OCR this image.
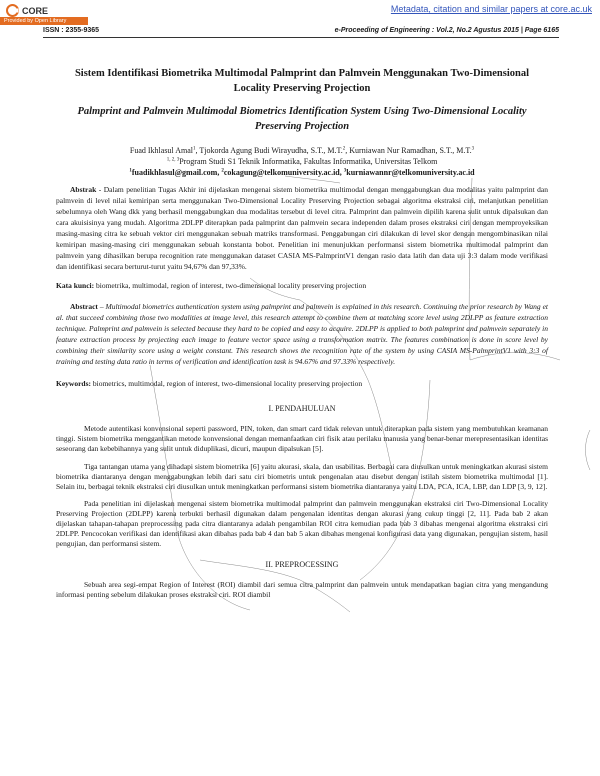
CORE	Metadata, citation and similar papers at core.ac.uk
Provided by Open Library
ISSN : 2355-9365	e-Proceeding of Engineering : Vol.2, No.2 Agustus 2015 | Page 6165

Sistem Identifikasi Biometrika Multimodal Palmprint dan Palmvein Menggunakan Two-Dimensional Locality Preserving Projection

Palmprint and Palmvein Multimodal Biometrics Identification System Using Two-Dimensional Locality Preserving Projection

Fuad Ikhlasul Amal$^1$, Tjokorda Agung Budi Wirayudha, S.T., M.T.$^2$, Kurniawan Nur Ramadhan, S.T., M.T.$^3$
$^{1, 2, 3}$Program Studi S1 Teknik Informatika, Fakultas Informatika, Universitas Telkom
$^1$fuadikhlasul@gmail.com, $^2$cokagung@telkomuniversity.ac.id, $^3$kurniawannr@telkomuniversity.ac.id
Abstrak - Dalam penelitian Tugas Akhir ini dijelaskan mengenai sistem biometrika multimodal dengan menggabungkan dua modalitas yaitu palmprint dan palmvein di level nilai kemiripan serta menggunakan Two-Dimensional Locality Preserving Projection sebagai algoritma ekstraksi ciri, melanjutkan penelitian sebelumnya oleh Wang dkk yang berhasil menggabungkan dua modalitas tersebut di level citra. Palmprint dan palmvein dipilih karena sulit untuk dipalsukan dan cara akuisisinya yang mudah. Algoritma 2DLPP diterapkan pada palmprint dan palmvein secara independen dalam proses ekstraksi ciri dengan memproyeksikan masing-masing citra ke sebuah vektor ciri menggunakan sebuah matriks transformasi. Penggabungan ciri dilakukan di level skor dengan mengombinasikan nilai kemiripan masing-masing ciri menggunakan sebuah konstanta bobot. Penelitian ini menunjukkan performansi sistem biometrika multimodal palmprint dan palmvein yang dihasilkan berupa recognition rate menggunakan dataset CASIA MS-PalmprintV1 dengan rasio data latih dan data uji 3:3 dalam mode verifikasi dan identifikasi secara berturut-turut yaitu 94,67% dan 97,33%.
Kata kunci: biometrika, multimodal, region of interest, two-dimensional locality preserving projection
Abstract – Multimodal biometrics authentication system using palmprint and palmvein is explained in this research. Continuing the prior research by Wang et al. that succeed combining those two modalities at image level, this research attempt to combine them at matching score level using 2DLPP as feature extraction technique. Palmprint and palmvein is selected because they hard to be copied and easy to acquire. 2DLPP is applied to both palmprint and palmvein separately in feature extraction process by projecting each image to feature vector space using a transformation matrix. The features combination is done in score level by combining their similarity score using a weight constant. This research shows the recognition rate of the system by using CASIA MS-PalmprintV1 with 3:3 of training and testing data ratio in terms of verification and identification task is 94.67% and 97.33% respectively.
Keywords: biometrics, multimodal, region of interest, two-dimensional locality preserving projection
I. PENDAHULUAN

Metode autentikasi konvensional seperti password, PIN, token, dan smart card tidak relevan untuk diterapkan pada sistem yang membutuhkan keamanan tinggi. Sistem biometrika menggantikan metode konvensional dengan memanfaatkan ciri fisik atau perilaku manusia yang benar-benar merepresentasikan identitas seseorang dan kebebihannya yang sulit untuk diduplikasi, dicuri, maupun dipalsukan [5].

Tiga tantangan utama yang dihadapi sistem biometrika [6] yaitu akurasi, skala, dan usabilitas. Berbagai cara diusulkan untuk meningkatkan akurasi sistem biometrika diantaranya dengan menggabungkan lebih dari satu ciri biometris untuk pengenalan atau disebut dengan istilah sistem biometrika multimodal [1]. Selain itu, berbagai teknik ekstraksi ciri diusulkan untuk meningkatkan performansi sistem biometrika diantaranya yaitu LDA, PCA, ICA, LBP, dan LDP [3, 9, 12].

Pada penelitian ini dijelaskan mengenai sistem biometrika multimodal palmprint dan palmvein menggunakan ekstraksi ciri Two-Dimensional Locality Preserving Projection (2DLPP) karena terbukti berhasil digunakan dalam pengenalan identitas dengan akurasi yang cukup tinggi [2, 11]. Pada bab 2 akan dijelaskan tahapan-tahapan preprocessing pada citra diantaranya adalah pengambilan ROI citra kemudian pada bab 3 dibahas mengenai algoritma ekstraksi ciri 2DLPP. Pencocokan verifikasi dan identifikasi akan dibahas pada bab 4 dan bab 5 akan dibahas mengenai konfigurasi data yang digunakan, pengujian sistem, hasil pengujian, dan performansi sistem.

II. PREPROCESSING

Sebuah area segi-empat Region of Interest (ROI) diambil dari semua citra palmprint dan palmvein untuk mendapatkan bagian citra yang mengandung informasi penting sebelum dilakukan proses ekstraksi ciri. ROI diambil
